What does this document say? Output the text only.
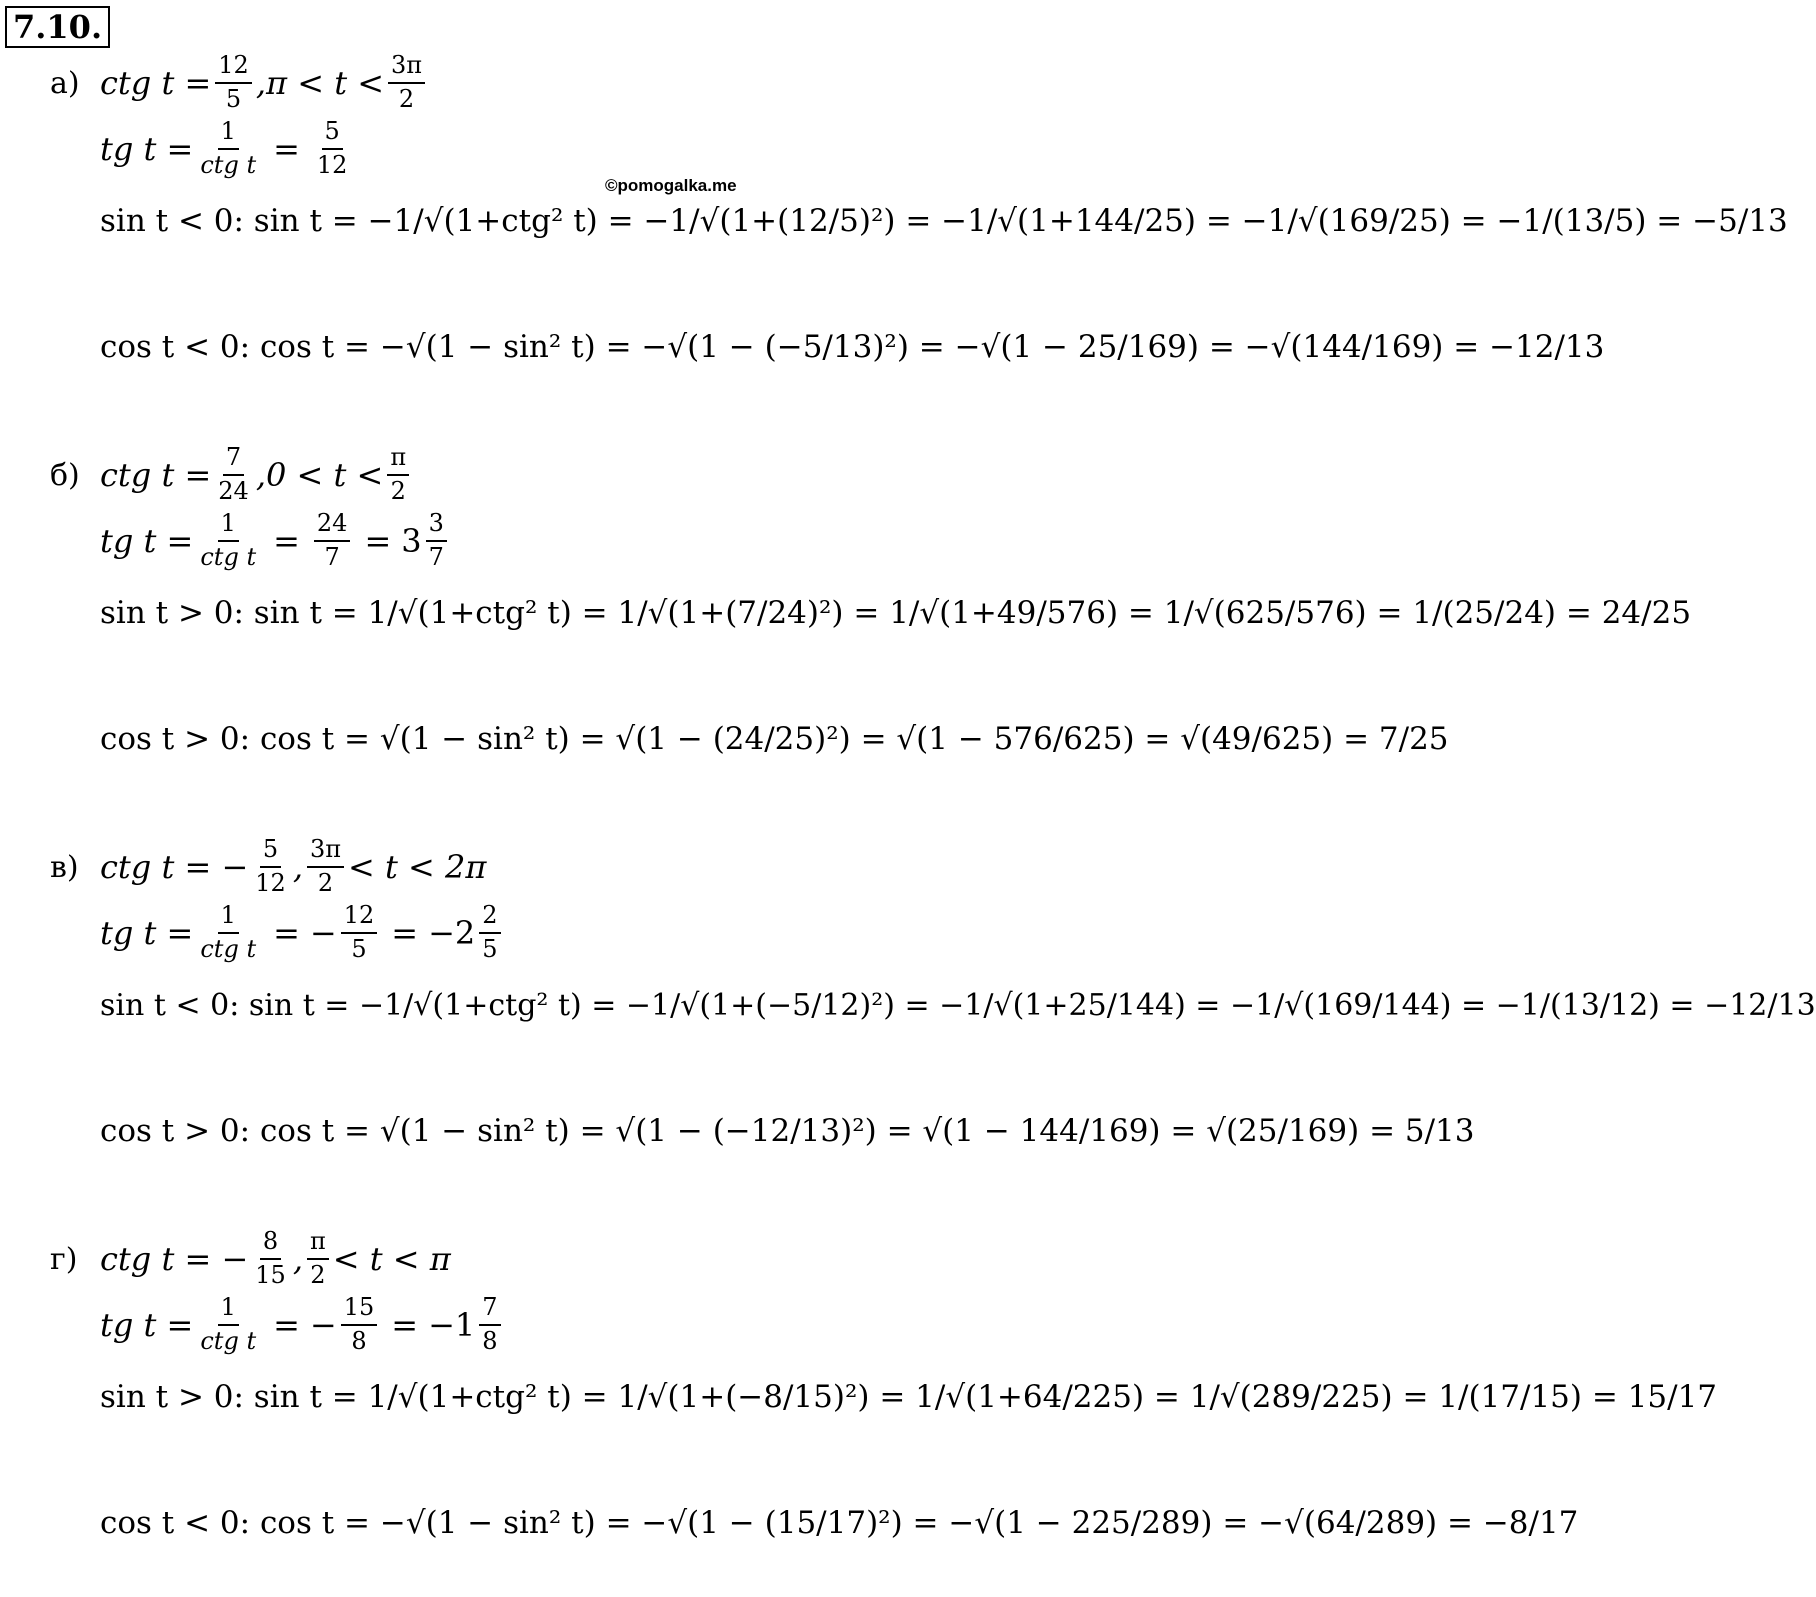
7.10.
©pomogalka.me
а) ctg $t = \frac{12}{5} ,\pi < t < \frac{3\pi}{2}$
tg $t = \frac{1}{\text{ctg t}} = \frac{5}{12}$
sin t < 0: sin t = −1/√(1+ctg² t) = −1/√(1+(12/5)²) = −1/√(1+144/25) = −1/√(169/25) = −1/(13/5) = −5/13
cos t < 0: cos t = −√(1 − sin² t) = −√(1 − (−5/13)²) = −√(1 − 25/169) = −√(144/169) = −12/13
б) ctg $t = \frac{7}{24} ,0 < t < \frac{\pi}{2}$
tg $t = \frac{1}{\text{ctg t}} = \frac{24}{7} = 3 \frac{3}{7}$
sin t > 0: sin t = 1/√(1+ctg² t) = 1/√(1+(7/24)²) = 1/√(1+49/576) = 1/√(625/576) = 1/(25/24) = 24/25
cos t > 0: cos t = √(1 − sin² t) = √(1 − (24/25)²) = √(1 − 576/625) = √(49/625) = 7/25
в) ctg t = − $\frac{5}{12}$ , $\frac{3\pi}{2} < t < 2\pi$
tg $t = \frac{1}{\text{ctg t}}$ = − $\frac{12}{5} = -2 \frac{2}{5}$
sin t < 0: sin t = −1/√(1+ctg² t) = −1/√(1+(−5/12)²) = −1/√(1+25/144) = −1/√(169/144) = −1/(13/12) = −12/13
cos t > 0: cos t = √(1 − sin² t) = √(1 − (−12/13)²) = √(1 − 144/169) = √(25/169) = 5/13
г) ctg t = − $\frac{8}{15}$ , $\frac{\pi}{2} < t < \pi$
tg $t = \frac{1}{\text{ctg t}}$ = − $\frac{15}{8} = -1 \frac{7}{8}$
sin t > 0: sin t = 1/√(1+ctg² t) = 1/√(1+(−8/15)²) = 1/√(1+64/225) = 1/√(289/225) = 1/(17/15) = 15/17
cos t < 0: cos t = −√(1 − sin² t) = −√(1 − (15/17)²) = −√(1 − 225/289) = −√(64/289) = −8/17
